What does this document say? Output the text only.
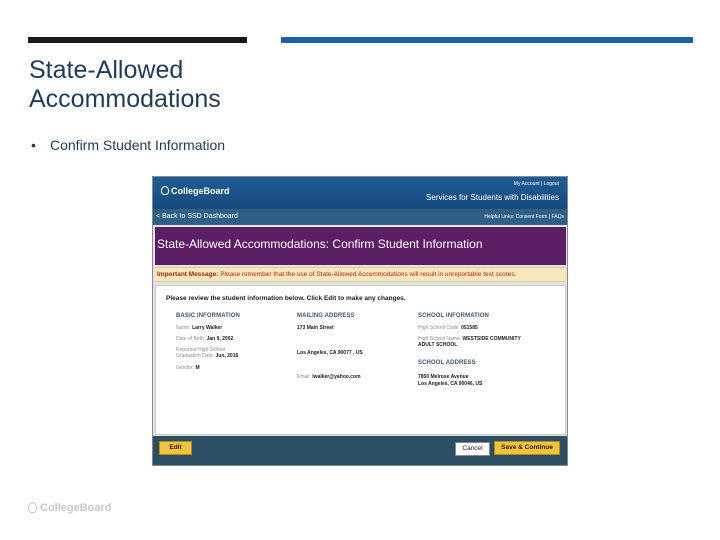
State-Allowed
Accommodations
• Confirm Student Information
CollegeBoard
My Account | Logout
Services for Students with Disabilities
< Back to SSD Dashboard	Helpful Links: Consent Form | FAQs
State-Allowed Accommodations: Confirm Student Information
Important Message: Please remember that the use of State-Allowed Accommodations will result in unreportable test scores.
Please review the student information below. Click Edit to make any changes.
BASIC INFORMATION
Name: Larry Walker
Date of Birth: Jan 9, 2002
Reported High School
Graduation Date: Jun, 2016
Gender: M
MAILING ADDRESS
173 Main Street
Los Angeles, CA 90077 , US
Email: lwalker@yahoo.com
SCHOOL INFORMATION
High School Code: 051585
High School Name: WESTSIDE COMMUNITY
ADULT SCHOOL
SCHOOL ADDRESS
7850 Melrose Avenue
Los Angeles, CA 90046, US
Edit	Cancel	Save & Continue
CollegeBoard
